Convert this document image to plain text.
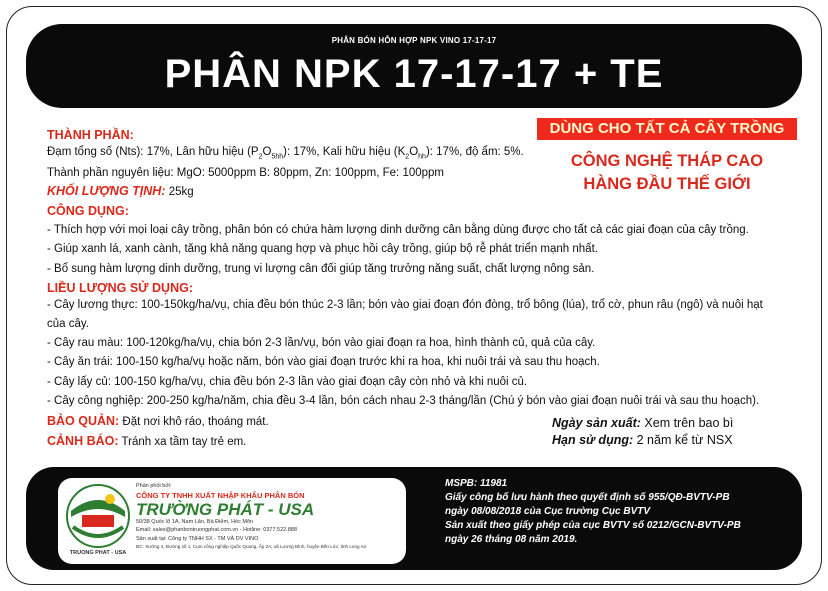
PHÂN BÓN HỖN HỢP NPK VINO 17-17-17
PHÂN NPK 17-17-17 + TE
THÀNH PHẦN:
Đạm tổng số (Nts): 17%, Lân hữu hiệu $(P_2O_{5hh})$: 17%, Kali hữu hiệu $(K_2O_{hh})$: 17%, độ ẩm: 5%.
Thành phần nguyên liệu: MgO: 5000ppm B: 80ppm, Zn: 100ppm, Fe: 100ppm
KHỐI LƯỢNG TỊNH: 25kg
CÔNG DỤNG:
- Thích hợp với mọi loại cây trồng, phân bón có chứa hàm lượng dinh dưỡng cân bằng dùng được cho tất cả các giai đoạn của cây trồng.
- Giúp xanh lá, xanh cành, tăng khả năng quang hợp và phục hồi cây trồng, giúp bộ rễ phát triển mạnh nhất.
- Bổ sung hàm lượng dinh dưỡng, trung vi lượng cân đối giúp tăng trưởng năng suất, chất lượng nông sản.
LIỀU LƯỢNG SỬ DỤNG:
- Cây lương thực: 100-150kg/ha/vụ, chia đều bón thúc 2-3 lần; bón vào giai đoạn đón đòng, trổ bông (lúa), trổ cờ, phun râu (ngô) và nuôi hạt
của cây.
- Cây rau màu: 100-120kg/ha/vụ, chia bón 2-3 lần/vụ, bón vào giai đoạn ra hoa, hình thành củ, quả của cây.
- Cây ăn trái: 100-150 kg/ha/vụ hoặc năm, bón vào giai đoạn trước khi ra hoa, khi nuôi trái và sau thu hoạch.
- Cây lấy củ: 100-150 kg/ha/vụ, chia đều bón 2-3 lần vào giai đoạn cây còn nhỏ và khi nuôi củ.
- Cây công nghiệp: 200-250 kg/ha/năm, chia đều 3-4 lần, bón cách nhau 2-3 tháng/lần (Chú ý bón vào giai đoạn nuôi trái và sau thu hoạch).
BẢO QUẢN: Đặt nơi khô ráo, thoáng mát.
CẢNH BÁO: Tránh xa tầm tay trẻ em.
DÙNG CHO TẤT CẢ CÂY TRỒNG
CÔNG NGHỆ THÁP CAO
HÀNG ĐẦU THẾ GIỚI
Ngày sản xuất: Xem trên bao bì
Hạn sử dụng: 2 năm kể từ NSX
TRUONG PHAT - USA
Phân phối bởi:
CÔNG TY TNHH XUẤT NHẬP KHẨU PHÂN BÓN
TRƯỜNG PHÁT - USA
50/38 Quốc lộ 1A, Nam Lân, Bà Điểm, Hóc Môn
Email: sales@phanbontruongphat.com.vn - Hotline: 0377.522.888
Sản xuất tại: Công ty TNHH SX - TM VÀ DV VINO
ĐC: Xưởng 4, Đường số 1, Cụm công nghiệp Quốc Quang, Ấp 2A, xã Lương Bình, huyện Bến Lức, tỉnh Long An
MSPB: 11981
Giấy công bố lưu hành theo quyết định số 955/QĐ-BVTV-PB
ngày 08/08/2018 của Cục trường Cục BVTV
Sản xuất theo giấy phép của cục BVTV số 0212/GCN-BVTV-PB
ngày 26 tháng 08 năm 2019.
